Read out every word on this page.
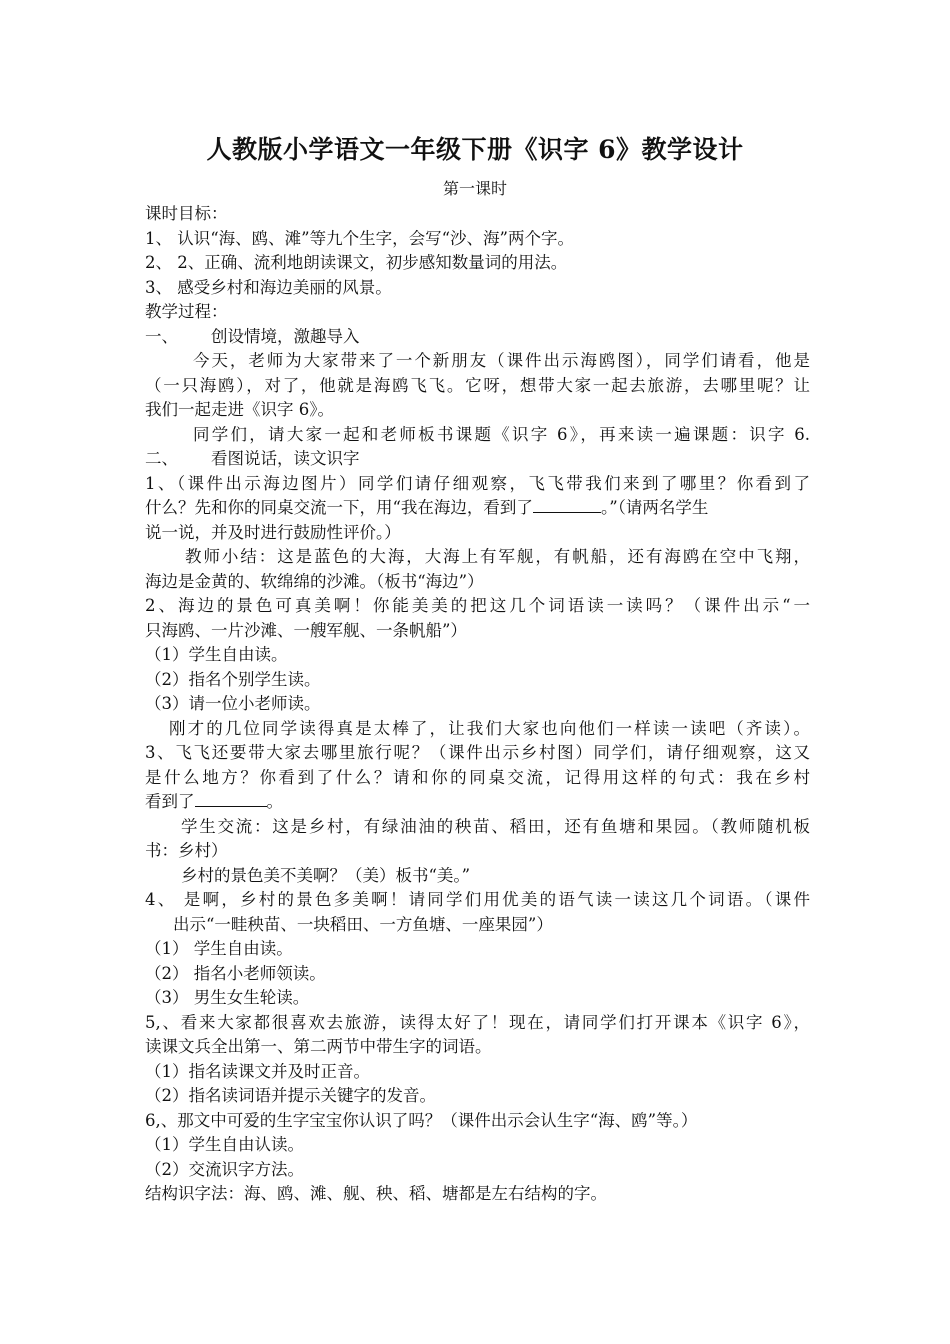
人教版小学语文一年级下册《识字 6》教学设计
第一课时
课时目标：
1、 认识“海、鸥、滩”等九个生字，会写“沙、海”两个字。
2、 2、正确、流利地朗读课文，初步感知数量词的用法。
3、 感受乡村和海边美丽的风景。
教学过程：
一、 创设情境，激趣导入
今天，老师为大家带来了一个新朋友（课件出示海鸥图），同学们请看，他是
（一只海鸥），对了，他就是海鸥飞飞。它呀，想带大家一起去旅游，去哪里呢？让
我们一起走进《识字 6》。
同学们，请大家一起和老师板书课题《识字 6》，再来读一遍课题：识字 6.
二、 看图说话，读文识字
1、（课件出示海边图片）同学们请仔细观察，飞飞带我们来到了哪里？你看到了
什么？先和你的同桌交流一下，用“我在海边，看到了	。”（请两名学生
说一说，并及时进行鼓励性评价。）
教师小结：这是蓝色的大海，大海上有军舰，有帆船，还有海鸥在空中飞翔，
海边是金黄的、软绵绵的沙滩。（板书“海边”）
2、海边的景色可真美啊！你能美美的把这几个词语读一读吗？（课件出示“一
只海鸥、一片沙滩、一艘军舰、一条帆船”）
（1）学生自由读。
（2）指名个别学生读。
（3）请一位小老师读。
刚才的几位同学读得真是太棒了，让我们大家也向他们一样读一读吧（齐读）。
3、飞飞还要带大家去哪里旅行呢？（课件出示乡村图）同学们，请仔细观察，这又
是什么地方？你看到了什么？请和你的同桌交流，记得用这样的句式：我在乡村
看到了	。
学生交流：这是乡村，有绿油油的秧苗、稻田，还有鱼塘和果园。（教师随机板
书：乡村）
乡村的景色美不美啊？（美）板书“美。”
4、 是啊，乡村的景色多美啊！请同学们用优美的语气读一读这几个词语。（课件
出示“一畦秧苗、一块稻田、一方鱼塘、一座果园”）
（1） 学生自由读。
（2） 指名小老师领读。
（3） 男生女生轮读。
5,、看来大家都很喜欢去旅游，读得太好了！现在，请同学们打开课本《识字 6》，
读课文兵全出第一、第二两节中带生字的词语。
（1）指名读课文并及时正音。
（2）指名读词语并提示关键字的发音。
6,、那文中可爱的生字宝宝你认识了吗？（课件出示会认生字“海、鸥”等。）
（1）学生自由认读。
（2）交流识字方法。
结构识字法：海、鸥、滩、舰、秧、稻、塘都是左右结构的字。
